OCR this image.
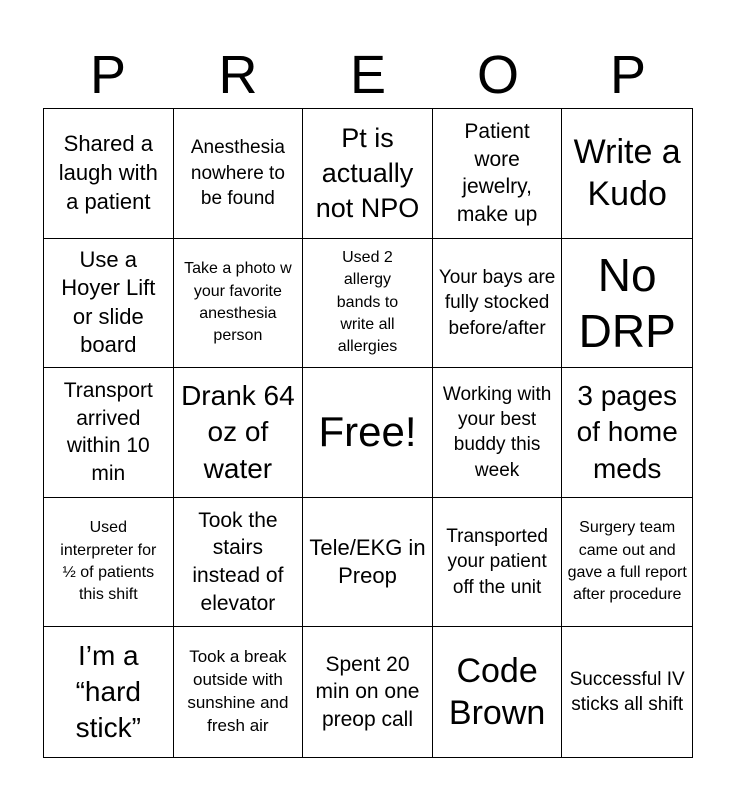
P	R	E	O	P
Shared a laugh with a patient
Anesthesia nowhere to be found
Pt is actually not NPO
Patient wore jewelry, make up
Write a Kudo
Use a Hoyer Lift or slide board
Take a photo w your favorite anesthesia person
Used 2 allergy bands to write all allergies
Your bays are fully stocked before/after
No DRP
Transport arrived within 10 min
Drank 64 oz of water
Free!
Working with your best buddy this week
3 pages of home meds
Used interpreter for ½ of patients this shift
Took the stairs instead of elevator
Tele/EKG in Preop
Transported your patient off the unit
Surgery team came out and gave a full report after procedure
I’m a “hard stick”
Took a break outside with sunshine and fresh air
Spent 20 min on one preop call
Code Brown
Successful IV sticks all shift
